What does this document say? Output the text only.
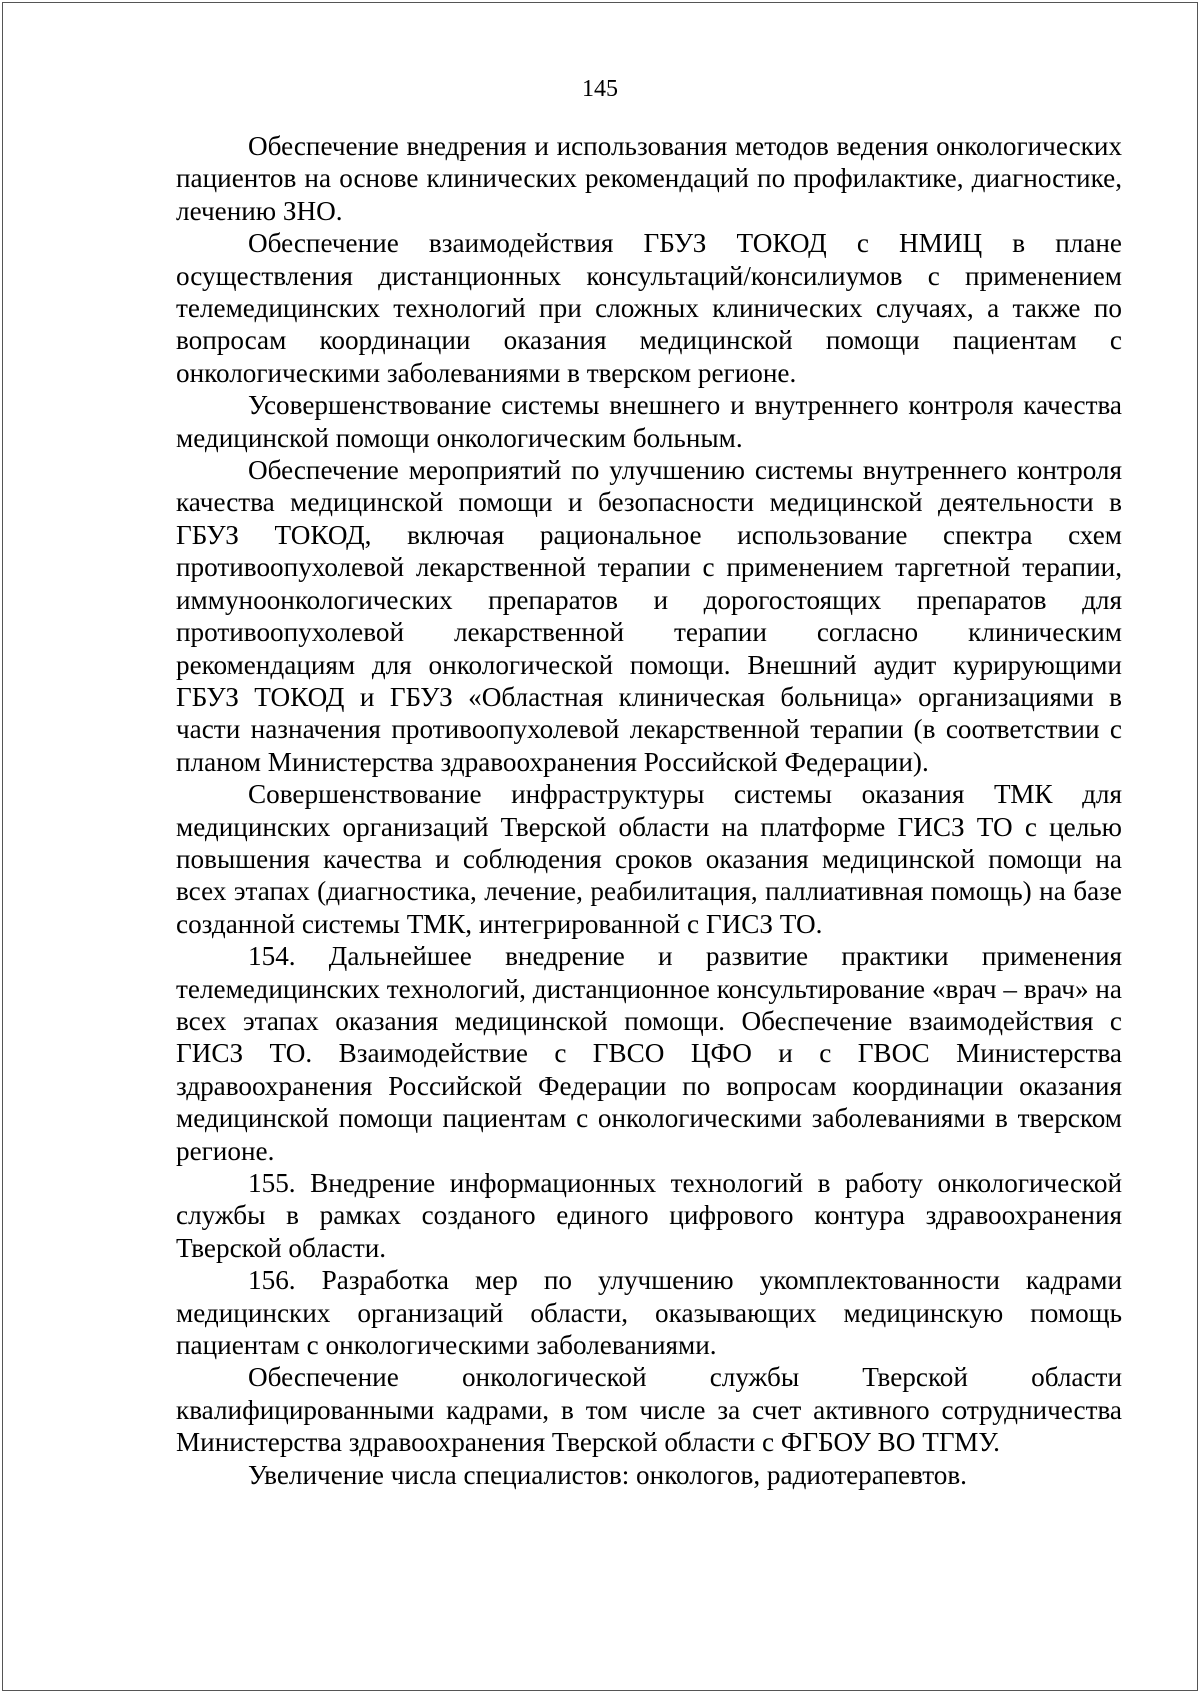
145

Обеспечение внедрения и использования методов ведения онкологических пациентов на основе клинических рекомендаций по профилактике, диагностике, лечению ЗНО.

Обеспечение взаимодействия ГБУЗ ТОКОД с НМИЦ в плане осуществления дистанционных консультаций/консилиумов с применением телемедицинских технологий при сложных клинических случаях, а также по вопросам координации оказания медицинской помощи пациентам с онкологическими заболеваниями в тверском регионе.

Усовершенствование системы внешнего и внутреннего контроля качества медицинской помощи онкологическим больным.

Обеспечение мероприятий по улучшению системы внутреннего контроля качества медицинской помощи и безопасности медицинской деятельности в ГБУЗ ТОКОД, включая рациональное использование спектра схем противоопухолевой лекарственной терапии с применением таргетной терапии, иммуноонкологических препаратов и дорогостоящих препаратов для противоопухолевой лекарственной терапии согласно клиническим рекомендациям для онкологической помощи. Внешний аудит курирующими ГБУЗ ТОКОД и ГБУЗ «Областная клиническая больница» организациями в части назначения противоопухолевой лекарственной терапии (в соответствии с планом Министерства здравоохранения Российской Федерации).

Совершенствование инфраструктуры системы оказания ТМК для медицинских организаций Тверской области на платформе ГИСЗ ТО с целью повышения качества и соблюдения сроков оказания медицинской помощи на всех этапах (диагностика, лечение, реабилитация, паллиативная помощь) на базе созданной системы ТМК, интегрированной с ГИСЗ ТО.

154. Дальнейшее внедрение и развитие практики применения телемедицинских технологий, дистанционное консультирование «врач – врач» на всех этапах оказания медицинской помощи. Обеспечение взаимодействия с ГИСЗ ТО. Взаимодействие с ГВСО ЦФО и с ГВОС Министерства здравоохранения Российской Федерации по вопросам координации оказания медицинской помощи пациентам с онкологическими заболеваниями в тверском регионе.

155. Внедрение информационных технологий в работу онкологической службы в рамках созданого единого цифрового контура здравоохранения Тверской области.

156. Разработка мер по улучшению укомплектованности кадрами медицинских организаций области, оказывающих медицинскую помощь пациентам с онкологическими заболеваниями.

Обеспечение онкологической службы Тверской области квалифицированными кадрами, в том числе за счет активного сотрудничества Министерства здравоохранения Тверской области с ФГБОУ ВО ТГМУ.

Увеличение числа специалистов: онкологов, радиотерапевтов.
